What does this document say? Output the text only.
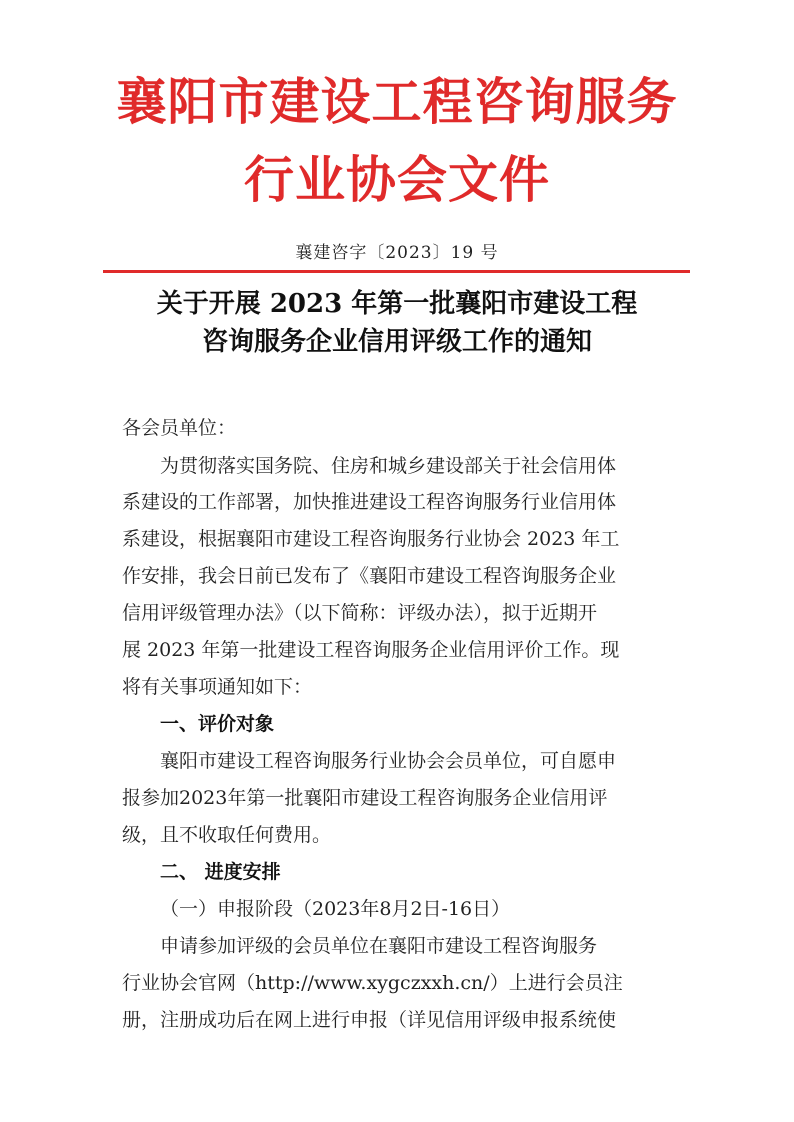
襄阳市建设工程咨询服务
行业协会文件
襄建咨字〔2023〕19 号
关于开展 2023 年第一批襄阳市建设工程
咨询服务企业信用评级工作的通知
各会员单位：
为贯彻落实国务院、住房和城乡建设部关于社会信用体
系建设的工作部署，加快推进建设工程咨询服务行业信用体
系建设，根据襄阳市建设工程咨询服务行业协会 2023 年工
作安排，我会日前已发布了《襄阳市建设工程咨询服务企业
信用评级管理办法》（以下简称：评级办法），拟于近期开
展 2023 年第一批建设工程咨询服务企业信用评价工作。现
将有关事项通知如下：
一、评价对象
襄阳市建设工程咨询服务行业协会会员单位，可自愿申
报参加2023年第一批襄阳市建设工程咨询服务企业信用评
级，且不收取任何费用。
二、 进度安排
（一）申报阶段（2023年8月2日-16日）
申请参加评级的会员单位在襄阳市建设工程咨询服务
行业协会官网（http://www.xygczxxh.cn/）上进行会员注
册，注册成功后在网上进行申报（详见信用评级申报系统使
